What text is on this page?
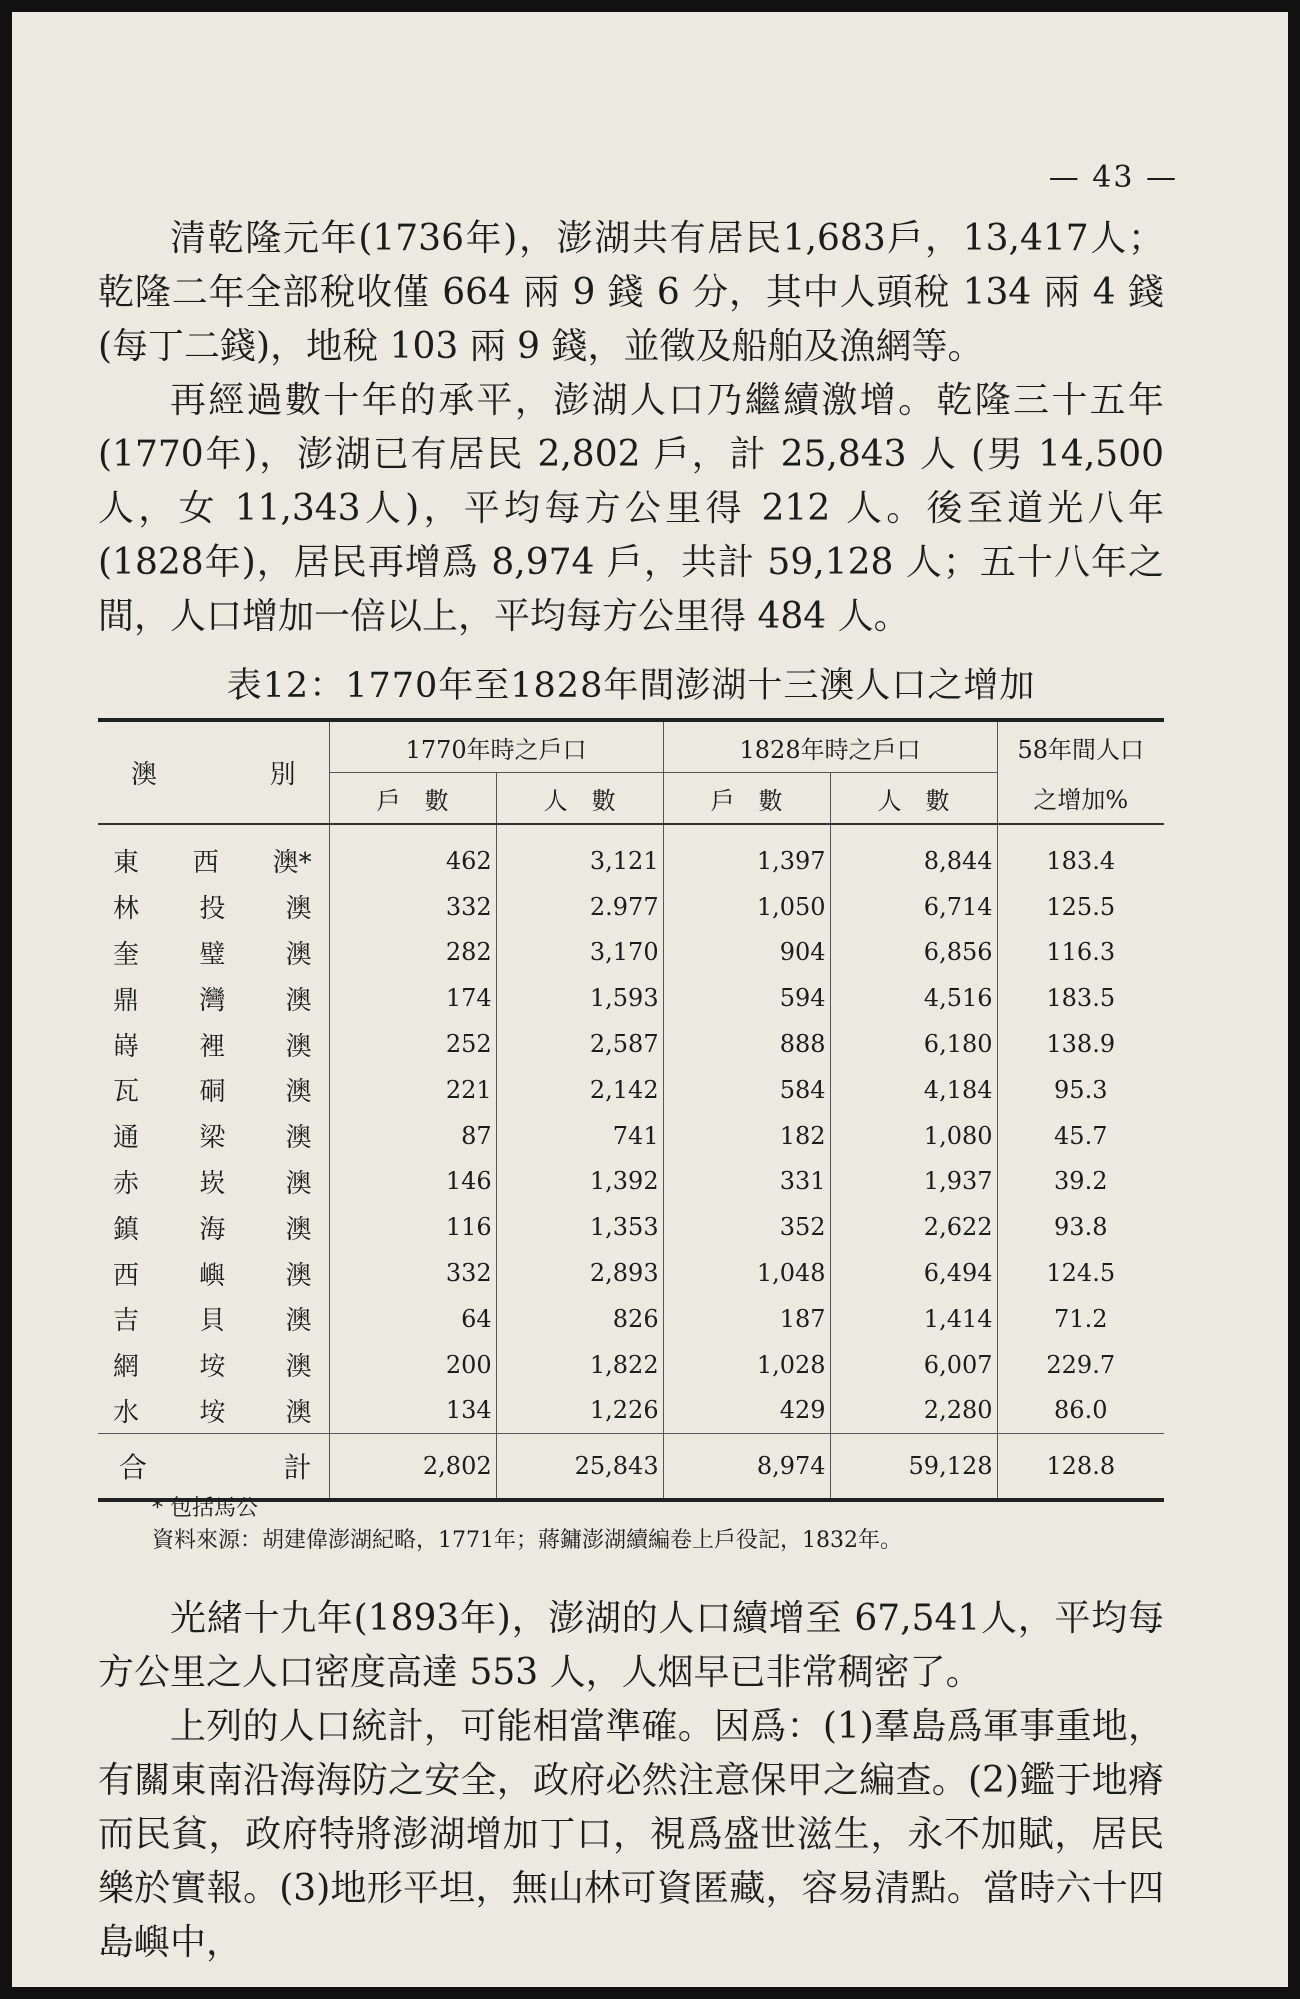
— 43 —
清乾隆元年(1736年)，澎湖共有居民1,683戶，13,417人；乾隆二年全部稅收僅 664 兩 9 錢 6 分，其中人頭稅 134 兩 4 錢(每丁二錢)，地稅 103 兩 9 錢，並徵及船舶及漁網等。
再經過數十年的承平，澎湖人口乃繼續激增。乾隆三十五年(1770年)，澎湖已有居民 2,802 戶，計 25,843 人 (男 14,500 人，女 11,343人)，平均每方公里得 212 人。後至道光八年 (1828年)，居民再增爲 8,974 戶，共計 59,128 人；五十八年之間，人口增加一倍以上，平均每方公里得 484 人。
表12：1770年至1828年間澎湖十三澳人口之增加
澳 別	1770年時之戶口		1828年時之戶口		58年間人口
	戶　數	人　數	戶　數	人　數	之增加%

東 西 澳*	462	3,121	1,397	8,844	183.4

林 投 澳	332	2.977	1,050	6,714	125.5

奎 璧 澳	282	3,170	904	6,856	116.3

鼎 灣 澳	174	1,593	594	4,516	183.5

嵵 裡 澳	252	2,587	888	6,180	138.9

瓦 硐 澳	221	2,142	584	4,184	95.3

通 梁 澳	87	741	182	1,080	45.7

赤 崁 澳	146	1,392	331	1,937	39.2

鎮 海 澳	116	1,353	352	2,622	93.8

西 嶼 澳	332	2,893	1,048	6,494	124.5

吉 貝 澳	64	826	187	1,414	71.2

網 垵 澳	200	1,822	1,028	6,007	229.7

水 垵 澳	134	1,226	429	2,280	86.0

合 計	2,802	25,843	8,974	59,128	128.8
* 包括馬公
資料來源：胡建偉澎湖紀略，1771年；蔣鏞澎湖續編卷上戶役記，1832年。
光緒十九年(1893年)，澎湖的人口續增至 67,541人，平均每方公里之人口密度高達 553 人，人烟早已非常稠密了。
上列的人口統計，可能相當準確。因爲：(1)羣島爲軍事重地，有關東南沿海海防之安全，政府必然注意保甲之編查。(2)鑑于地瘠而民貧，政府特將澎湖增加丁口，視爲盛世滋生，永不加賦，居民樂於實報。(3)地形平坦，無山林可資匿藏，容易清點。當時六十四島嶼中，
